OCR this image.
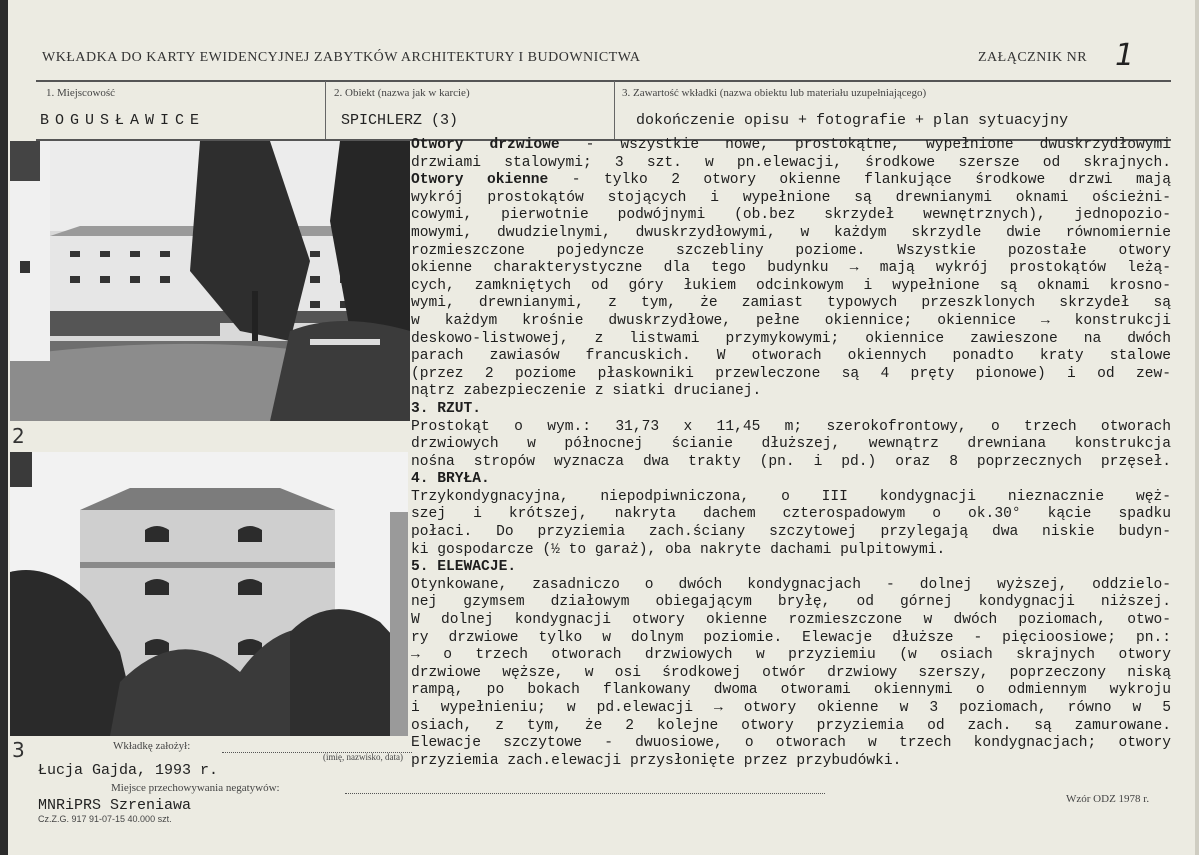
WKŁADKA DO KARTY EWIDENCYJNEJ ZABYTKÓW ARCHITEKTURY I BUDOWNICTWA	ZAŁĄCZNIK NR 1
1. Miejscowość
BOGUSŁAWICE
2. Obiekt (nazwa jak w karcie)
SPICHLERZ (3)
3. Zawartość wkładki (nazwa obiektu lub materiału uzupełniającego)
dokończenie opisu + fotografie + plan sytuacyjny
2
3
Otwory drzwiowe - wszystkie nowe, prostokątne, wypełnione dwuskrzydłowymi
drzwiami stalowymi; 3 szt. w pn.elewacji, środkowe szersze od skrajnych.
Otwory okienne - tylko 2 otwory okienne flankujące środkowe drzwi mają
wykrój prostokątów stojących i wypełnione są drewnianymi oknami ościeżni-
cowymi, pierwotnie podwójnymi (ob.bez skrzydeł wewnętrznych), jednopozio-
mowymi, dwudzielnymi, dwuskrzydłowymi, w każdym skrzydle dwie równomiernie
rozmieszczone pojedyncze szczebliny poziome. Wszystkie pozostałe otwory
okienne charakterystyczne dla tego budynku → mają wykrój prostokątów leżą-
cych, zamkniętych od góry łukiem odcinkowym i wypełnione są oknami krosno-
wymi, drewnianymi, z tym, że zamiast typowych przeszklonych skrzydeł są
w każdym krośnie dwuskrzydłowe, pełne okiennice; okiennice → konstrukcji
deskowo-listwowej, z listwami przymykowymi; okiennice zawieszone na dwóch
parach zawiasów francuskich. W otworach okiennych ponadto kraty stalowe
(przez 2 poziome płaskowniki przewleczone są 4 pręty pionowe) i od zew-
nątrz zabezpieczenie z siatki drucianej.
3. RZUT.
Prostokąt o wym.: 31,73 x 11,45 m; szerokofrontowy, o trzech otworach
drzwiowych w północnej ścianie dłuższej, wewnątrz drewniana konstrukcja
nośna stropów wyznacza dwa trakty (pn. i pd.) oraz 8 poprzecznych przęseł.
4. BRYŁA.
Trzykondygnacyjna, niepodpiwniczona, o III kondygnacji nieznacznie węż-
szej i krótszej, nakryta dachem czterospadowym o ok.30° kącie spadku
połaci. Do przyziemia zach.ściany szczytowej przylegają dwa niskie budyn-
ki gospodarcze (½ to garaż), oba nakryte dachami pulpitowymi.
5. ELEWACJE.
Otynkowane, zasadniczo o dwóch kondygnacjach - dolnej wyższej, oddzielo-
nej gzymsem działowym obiegającym bryłę, od górnej kondygnacji niższej.
W dolnej kondygnacji otwory okienne rozmieszczone w dwóch poziomach, otwo-
ry drzwiowe tylko w dolnym poziomie. Elewacje dłuższe - pięcioosiowe; pn.:
→ o trzech otworach drzwiowych w przyziemiu (w osiach skrajnych otwory
drzwiowe węższe, w osi środkowej otwór drzwiowy szerszy, poprzeczony niską
rampą, po bokach flankowany dwoma otworami okiennymi o odmiennym wykroju
i wypełnieniu; w pd.elewacji → otwory okienne w 3 poziomach, równo w 5
osiach, z tym, że 2 kolejne otwory przyziemia od zach. są zamurowane.
Elewacje szczytowe - dwuosiowe, o otworach w trzech kondygnacjach; otwory
przyziemia zach.elewacji przysłonięte przez przybudówki.
Wkładkę założył:
(imię, nazwisko, data)
Łucja Gajda, 1993 r.
Miejsce przechowywania negatywów:
MNRiPRS Szreniawa
Cz.Z.G. 917 91-07-15 40.000 szt.
Wzór ODZ 1978 r.
